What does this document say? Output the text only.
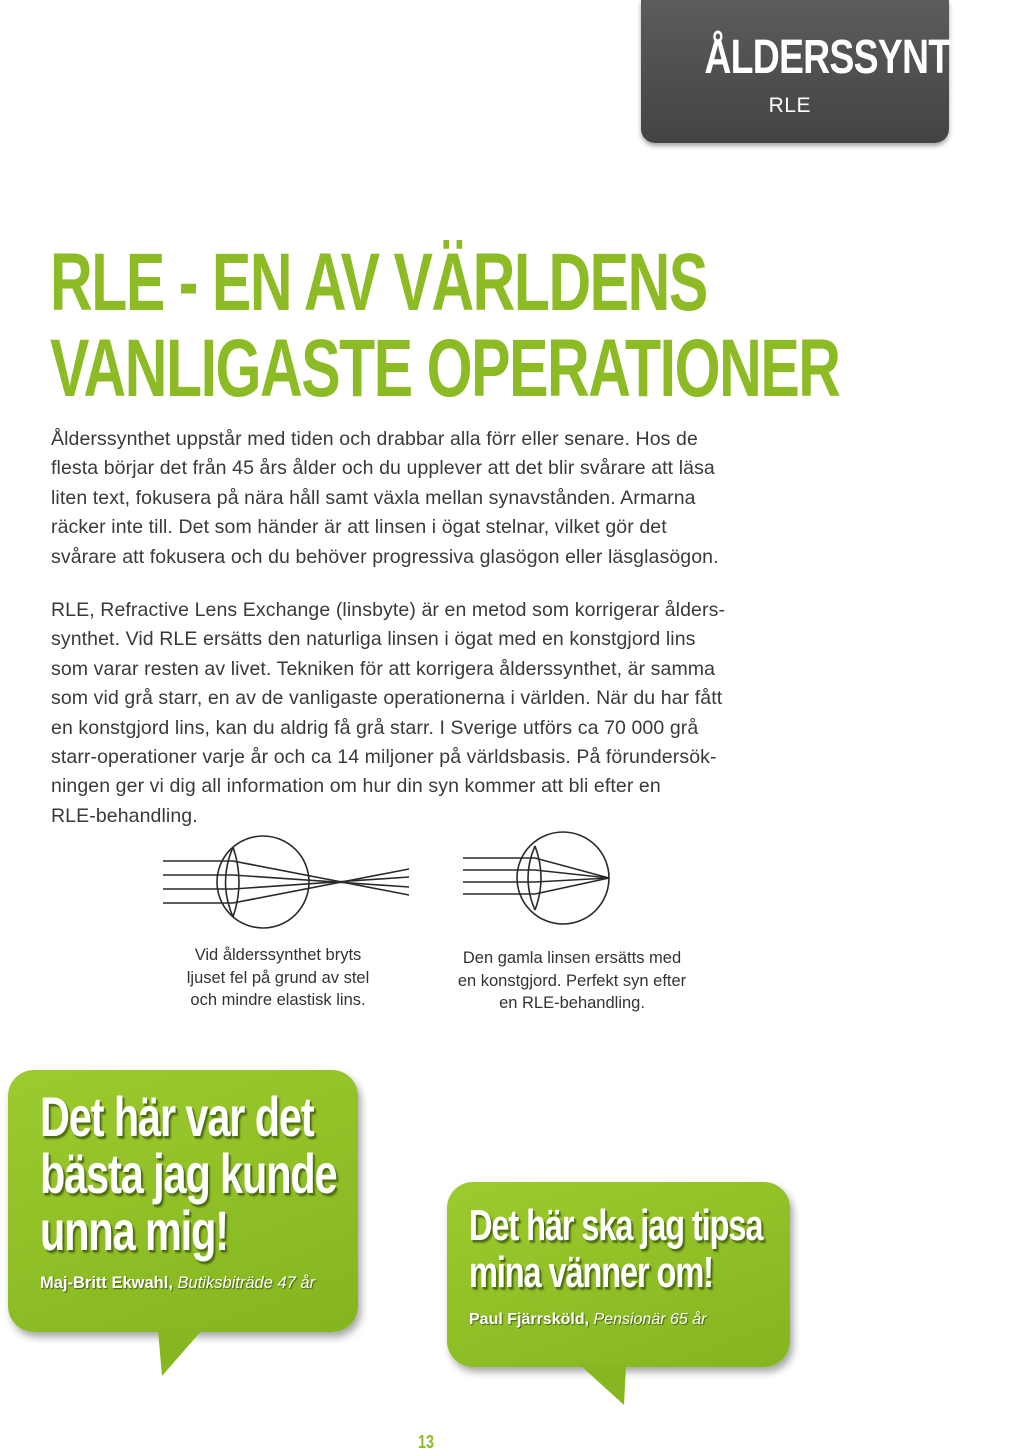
ÅLDERSSYNTHET
RLE
RLE - EN AV VÄRLDENS
VANLIGASTE OPERATIONER

Ålderssynthet uppstår med tiden och drabbar alla förr eller senare. Hos de
flesta börjar det från 45 års ålder och du upplever att det blir svårare att läsa
liten text, fokusera på nära håll samt växla mellan synavstånden. Armarna
räcker inte till. Det som händer är att linsen i ögat stelnar, vilket gör det
svårare att fokusera och du behöver progressiva glasögon eller läsglasögon.

RLE, Refractive Lens Exchange (linsbyte) är en metod som korrigerar ålders-
synthet. Vid RLE ersätts den naturliga linsen i ögat med en konstgjord lins
som varar resten av livet. Tekniken för att korrigera ålderssynthet, är samma
som vid grå starr, en av de vanligaste operationerna i världen. När du har fått
en konstgjord lins, kan du aldrig få grå starr. I Sverige utförs ca 70 000 grå
starr-operationer varje år och ca 14 miljoner på världsbasis. På förundersök-
ningen ger vi dig all information om hur din syn kommer att bli efter en
RLE-behandling.

Vid ålderssynthet bryts
ljuset fel på grund av stel
och mindre elastisk lins.
Den gamla linsen ersätts med
en konstgjord. Perfekt syn efter
en RLE-behandling.
Det här var det
bästa jag kunde
unna mig!
Maj-Britt Ekwahl, Butiksbiträde 47 år
Det här ska jag tipsa
mina vänner om!
Paul Fjärrsköld, Pensionär 65 år
13
